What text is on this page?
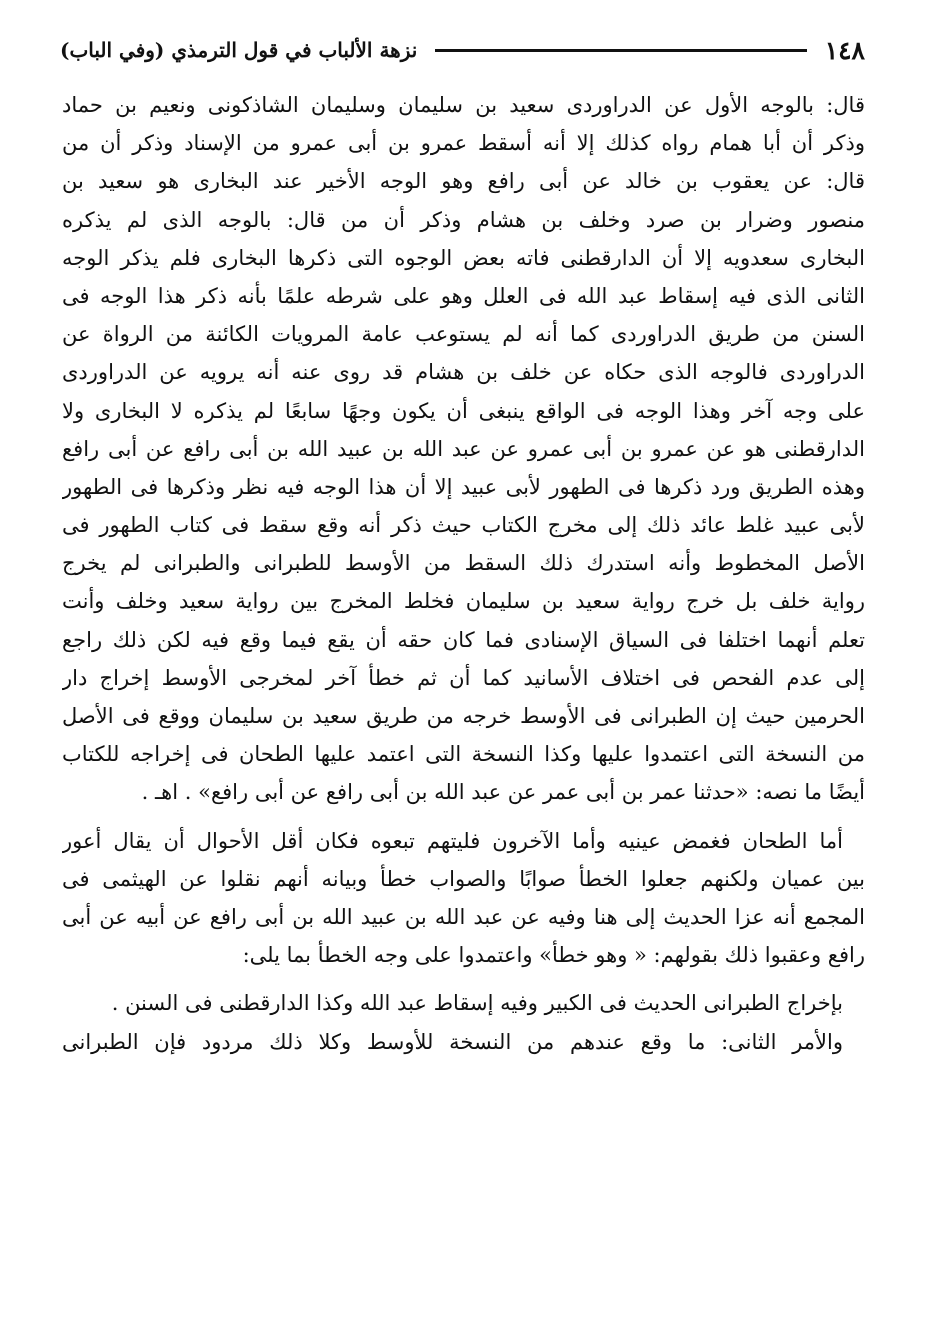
١٤٨
نزهة الألباب في قول الترمذي (وفي الباب)
قال: بالوجه الأول عن الدراوردى سعيد بن سليمان وسليمان الشاذكونى ونعيم بن حماد
وذكر أن أبا همام رواه كذلك إلا أنه أسقط عمرو بن أبى عمرو من الإسناد وذكر أن من
قال: عن يعقوب بن خالد عن أبى رافع وهو الوجه الأخير عند البخارى هو سعيد بن
منصور وضرار بن صرد وخلف بن هشام وذكر أن من قال: بالوجه الذى لم يذكره
البخارى سعدويه إلا أن الدارقطنى فاته بعض الوجوه التى ذكرها البخارى فلم يذكر الوجه
الثانى الذى فيه إسقاط عبد الله فى العلل وهو على شرطه علمًا بأنه ذكر هذا الوجه فى
السنن من طريق الدراوردى كما أنه لم يستوعب عامة المرويات الكائنة من الرواة عن
الدراوردى فالوجه الذى حكاه عن خلف بن هشام قد روى عنه أنه يرويه عن الدراوردى
على وجه آخر وهذا الوجه فى الواقع ينبغى أن يكون وجهًا سابعًا لم يذكره لا البخارى ولا
الدارقطنى هو عن عمرو بن أبى عمرو عن عبد الله بن عبيد الله بن أبى رافع عن أبى رافع
وهذه الطريق ورد ذكرها فى الطهور لأبى عبيد إلا أن هذا الوجه فيه نظر وذكرها فى الطهور
لأبى عبيد غلط عائد ذلك إلى مخرج الكتاب حيث ذكر أنه وقع سقط فى كتاب الطهور فى
الأصل المخطوط وأنه استدرك ذلك السقط من الأوسط للطبرانى والطبرانى لم يخرج
رواية خلف بل خرج رواية سعيد بن سليمان فخلط المخرج بين رواية سعيد وخلف وأنت
تعلم أنهما اختلفا فى السياق الإسنادى فما كان حقه أن يقع فيما وقع فيه لكن ذلك راجع
إلى عدم الفحص فى اختلاف الأسانيد كما أن ثم خطأ آخر لمخرجى الأوسط إخراج دار
الحرمين حيث إن الطبرانى فى الأوسط خرجه من طريق سعيد بن سليمان ووقع فى الأصل
من النسخة التى اعتمدوا عليها وكذا النسخة التى اعتمد عليها الطحان فى إخراجه للكتاب
أيضًا ما نصه: «حدثنا عمر بن أبى عمر عن عبد الله بن أبى رافع عن أبى رافع» . اهـ .
أما الطحان فغمض عينيه وأما الآخرون فليتهم تبعوه فكان أقل الأحوال أن يقال أعور
بين عميان ولكنهم جعلوا الخطأ صوابًا والصواب خطأ وبيانه أنهم نقلوا عن الهيثمى فى
المجمع أنه عزا الحديث إلى هنا وفيه عن عبد الله بن عبيد الله بن أبى رافع عن أبيه عن أبى
رافع وعقبوا ذلك بقولهم: « وهو خطأ» واعتمدوا على وجه الخطأ بما يلى:
بإخراج الطبرانى الحديث فى الكبير وفيه إسقاط عبد الله وكذا الدارقطنى فى السنن .
والأمر الثانى: ما وقع عندهم من النسخة للأوسط وكلا ذلك مردود فإن الطبرانى
